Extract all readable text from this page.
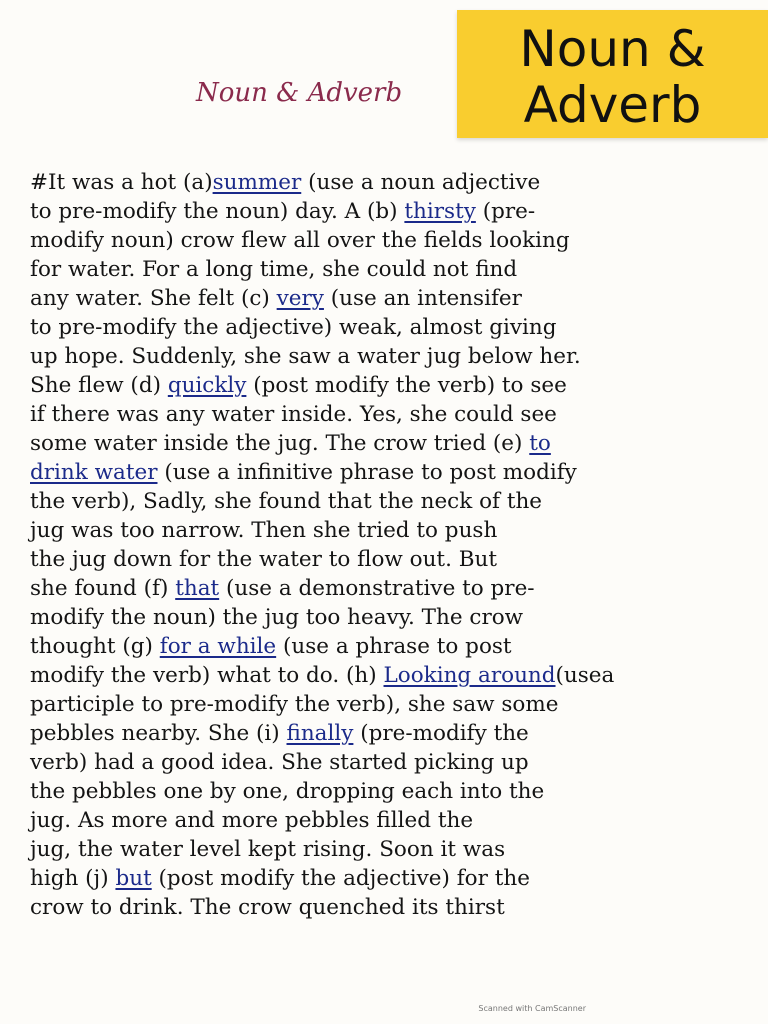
Noun &
Adverb
Noun & Adverb
#It was a hot (a)summer (use a noun adjective
to pre-modify the noun) day. A (b) thirsty (pre-
modify noun) crow flew all over the fields looking
for water. For a long time, she could not find
any water. She felt (c) very (use an intensifer
to pre-modify the adjective) weak, almost giving
up hope. Suddenly, she saw a water jug below her.
She flew (d) quickly (post modify the verb) to see
if there was any water inside. Yes, she could see
some water inside the jug. The crow tried (e) to
drink water (use a infinitive phrase to post modify
the verb), Sadly, she found that the neck of the
jug was too narrow. Then she tried to push
the jug down for the water to flow out. But
she found (f) that (use a demonstrative to pre-
modify the noun) the jug too heavy. The crow
thought (g) for a while (use a phrase to post
modify the verb) what to do. (h) Looking around(usea
participle to pre-modify the verb), she saw some
pebbles nearby. She (i) finally (pre-modify the
verb) had a good idea. She started picking up
the pebbles one by one, dropping each into the
jug. As more and more pebbles filled the
jug, the water level kept rising. Soon it was
high (j) but (post modify the adjective) for the
crow to drink. The crow quenched its thirst
Scanned with CamScanner
